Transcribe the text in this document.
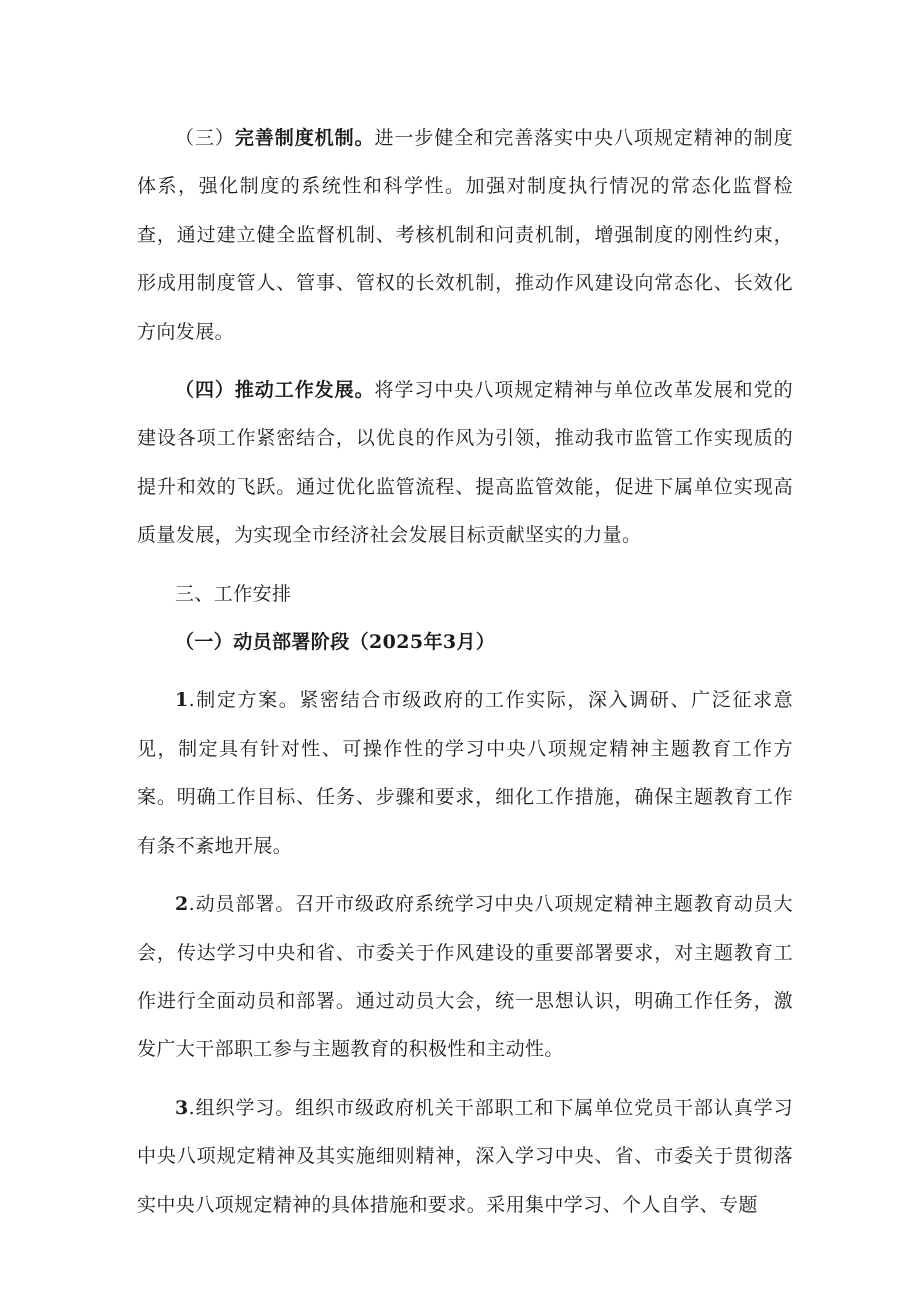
（三）完善制度机制。进一步健全和完善落实中央八项规定精神的制度体系，强化制度的系统性和科学性。加强对制度执行情况的常态化监督检查，通过建立健全监督机制、考核机制和问责机制，增强制度的刚性约束，形成用制度管人、管事、管权的长效机制，推动作风建设向常态化、长效化方向发展。

（四）推动工作发展。将学习中央八项规定精神与单位改革发展和党的建设各项工作紧密结合，以优良的作风为引领，推动我市监管工作实现质的提升和效的飞跃。通过优化监管流程、提高监管效能，促进下属单位实现高质量发展，为实现全市经济社会发展目标贡献坚实的力量。

三、工作安排

（一）动员部署阶段（2025年3月）

1.制定方案。紧密结合市级政府的工作实际，深入调研、广泛征求意见，制定具有针对性、可操作性的学习中央八项规定精神主题教育工作方案。明确工作目标、任务、步骤和要求，细化工作措施，确保主题教育工作有条不紊地开展。

2.动员部署。召开市级政府系统学习中央八项规定精神主题教育动员大会，传达学习中央和省、市委关于作风建设的重要部署要求，对主题教育工作进行全面动员和部署。通过动员大会，统一思想认识，明确工作任务，激发广大干部职工参与主题教育的积极性和主动性。

3.组织学习。组织市级政府机关干部职工和下属单位党员干部认真学习中央八项规定精神及其实施细则精神，深入学习中央、省、市委关于贯彻落实中央八项规定精神的具体措施和要求。采用集中学习、个人自学、专题
